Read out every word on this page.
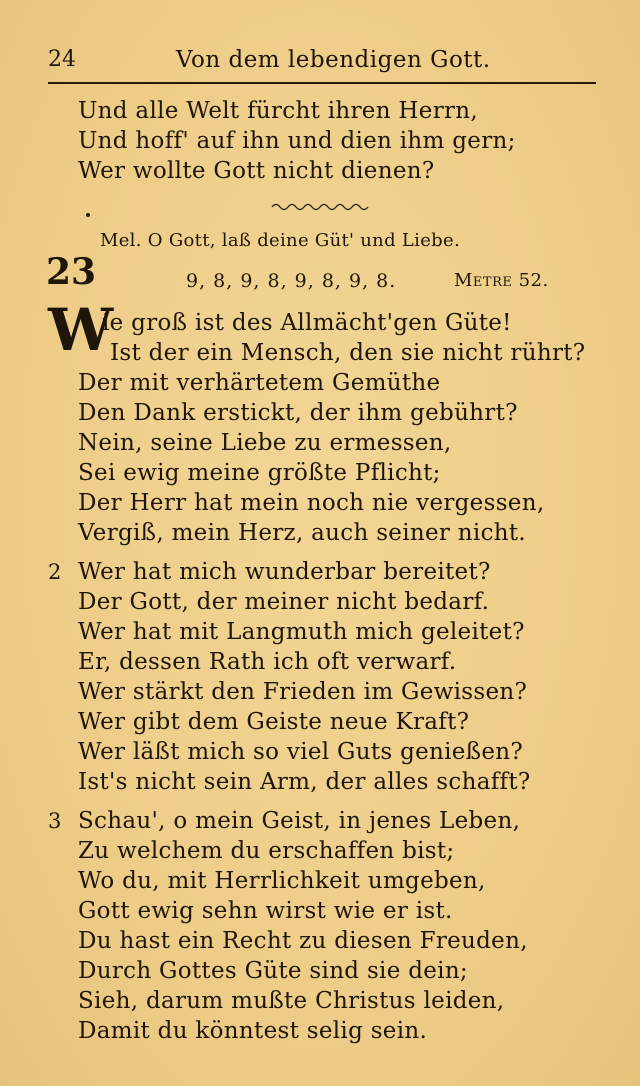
24	Von dem lebendigen Gott.
Und alle Welt fürcht ihren Herrn,
Und hoff' auf ihn und dien ihm gern;
Wer wollte Gott nicht dienen?
Mel. O Gott, laß deine Güt' und Liebe.
23	9, 8, 9, 8, 9, 8, 9, 8.	Metre 52.
W
ie groß ist des Allmächt'gen Güte!
Ist der ein Mensch, den sie nicht rührt?
Der mit verhärtetem Gemüthe
Den Dank erstickt, der ihm gebührt?
Nein, seine Liebe zu ermessen,
Sei ewig meine größte Pflicht;
Der Herr hat mein noch nie vergessen,
Vergiß, mein Herz, auch seiner nicht.
2 Wer hat mich wunderbar bereitet?
Der Gott, der meiner nicht bedarf.
Wer hat mit Langmuth mich geleitet?
Er, dessen Rath ich oft verwarf.
Wer stärkt den Frieden im Gewissen?
Wer gibt dem Geiste neue Kraft?
Wer läßt mich so viel Guts genießen?
Ist's nicht sein Arm, der alles schafft?
3 Schau', o mein Geist, in jenes Leben,
Zu welchem du erschaffen bist;
Wo du, mit Herrlichkeit umgeben,
Gott ewig sehn wirst wie er ist.
Du hast ein Recht zu diesen Freuden,
Durch Gottes Güte sind sie dein;
Sieh, darum mußte Christus leiden,
Damit du könntest selig sein.
